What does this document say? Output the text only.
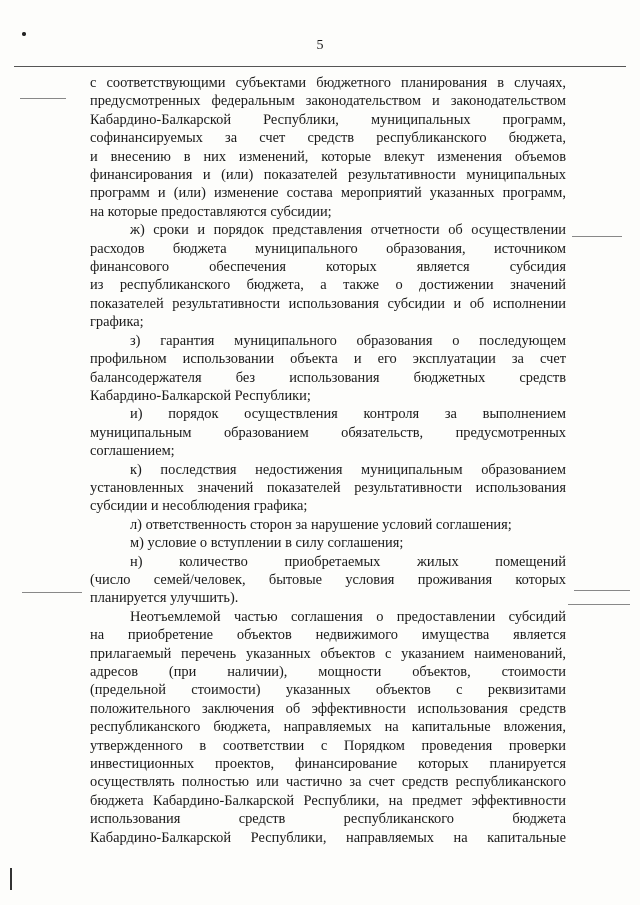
5

с соответствующими субъектами бюджетного планирования в случаях,

предусмотренных федеральным законодательством и законодательством

Кабардино-Балкарской Республики, муниципальных программ,

софинансируемых за счет средств республиканского бюджета,

и внесению в них изменений, которые влекут изменения объемов

финансирования и (или) показателей результативности муниципальных

программ и (или) изменение состава мероприятий указанных программ,

на которые предоставляются субсидии;

ж) сроки и порядок представления отчетности об осуществлении

расходов бюджета муниципального образования, источником

финансового обеспечения которых является субсидия

из республиканского бюджета, а также о достижении значений

показателей результативности использования субсидии и об исполнении

графика;

з) гарантия муниципального образования о последующем

профильном использовании объекта и его эксплуатации за счет

балансодержателя без использования бюджетных средств

Кабардино-Балкарской Республики;

и) порядок осуществления контроля за выполнением

муниципальным образованием обязательств, предусмотренных

соглашением;

к) последствия недостижения муниципальным образованием

установленных значений показателей результативности использования

субсидии и несоблюдения графика;

л) ответственность сторон за нарушение условий соглашения;

м) условие о вступлении в силу соглашения;

н) количество приобретаемых жилых помещений

(число семей/человек, бытовые условия проживания которых

планируется улучшить).

Неотъемлемой частью соглашения о предоставлении субсидий

на приобретение объектов недвижимого имущества является

прилагаемый перечень указанных объектов с указанием наименований,

адресов (при наличии), мощности объектов, стоимости

(предельной стоимости) указанных объектов с реквизитами

положительного заключения об эффективности использования средств

республиканского бюджета, направляемых на капитальные вложения,

утвержденного в соответствии с Порядком проведения проверки

инвестиционных проектов, финансирование которых планируется

осуществлять полностью или частично за счет средств республиканского

бюджета Кабардино-Балкарской Республики, на предмет эффективности

использования средств республиканского бюджета

Кабардино-Балкарской Республики, направляемых на капитальные
